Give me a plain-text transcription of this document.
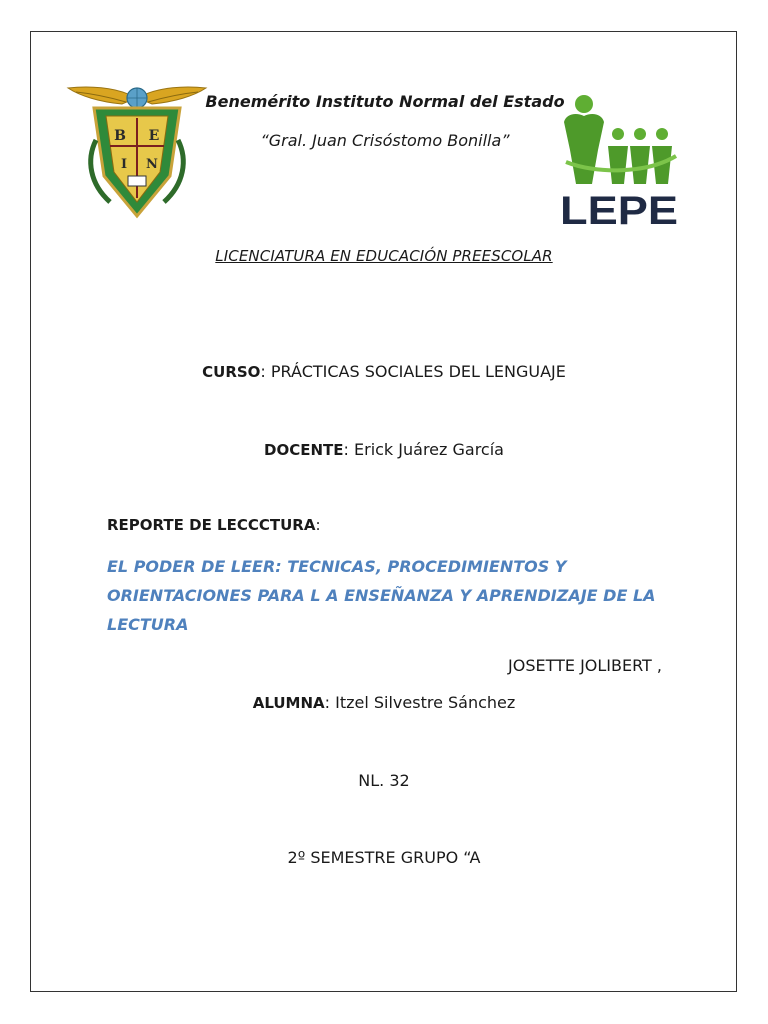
B E
I N
Benemérito Instituto Normal del Estado
“Gral. Juan Crisóstomo Bonilla”
LEPE
LICENCIATURA EN EDUCACIÓN PREESCOLAR
CURSO: PRÁCTICAS SOCIALES DEL LENGUAJE
DOCENTE: Erick Juárez García
REPORTE DE LECCCTURA:
EL PODER DE LEER: TECNICAS, PROCEDIMIENTOS Y ORIENTACIONES PARA L A ENSEÑANZA Y APRENDIZAJE DE LA LECTURA
JOSETTE JOLIBERT ,
ALUMNA: Itzel Silvestre Sánchez
NL. 32
2º SEMESTRE GRUPO “A
